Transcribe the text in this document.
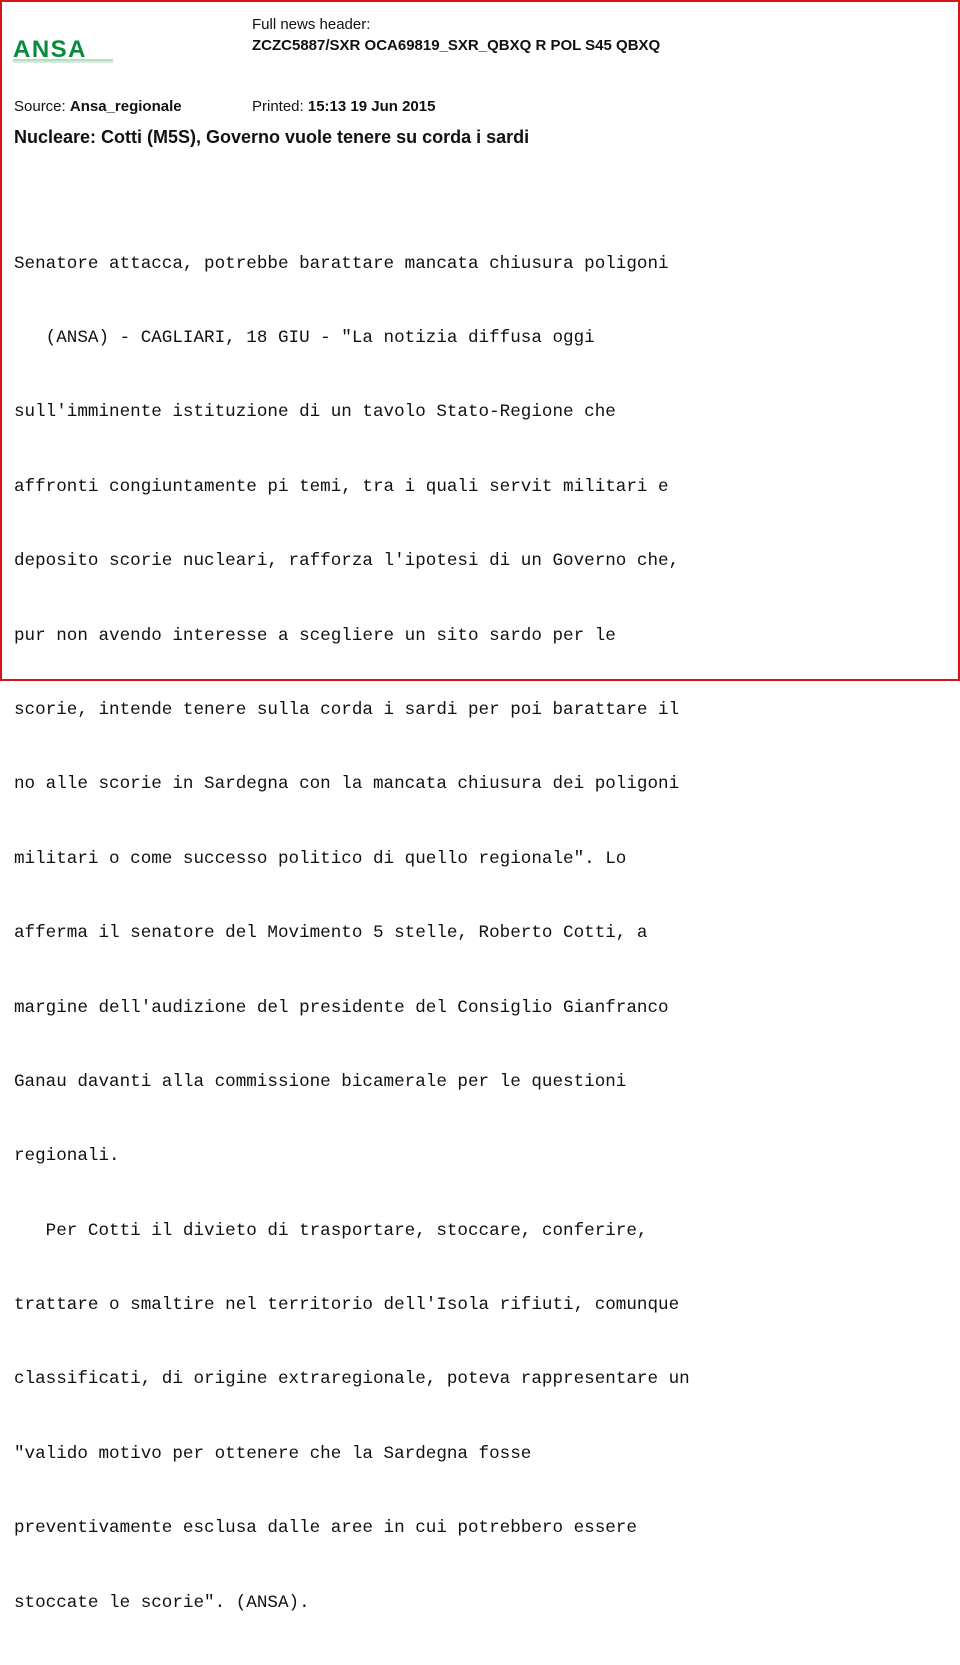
ANSA
Full news header:
ZCZC5887/SXR OCA69819_SXR_QBXQ R POL S45 QBXQ
Source: Ansa_regionale	Printed: 15:13 19 Jun 2015
Nucleare: Cotti (M5S), Governo vuole tenere su corda i sardi

Senatore attacca, potrebbe barattare mancata chiusura poligoni

(ANSA) - CAGLIARI, 18 GIU - "La notizia diffusa oggi

sull'imminente istituzione di un tavolo Stato-Regione che

affronti congiuntamente pi temi, tra i quali servit militari e

deposito scorie nucleari, rafforza l'ipotesi di un Governo che,

pur non avendo interesse a scegliere un sito sardo per le

scorie, intende tenere sulla corda i sardi per poi barattare il

no alle scorie in Sardegna con la mancata chiusura dei poligoni

militari o come successo politico di quello regionale". Lo

afferma il senatore del Movimento 5 stelle, Roberto Cotti, a

margine dell'audizione del presidente del Consiglio Gianfranco

Ganau davanti alla commissione bicamerale per le questioni

regionali.

Per Cotti il divieto di trasportare, stoccare, conferire,

trattare o smaltire nel territorio dell'Isola rifiuti, comunque

classificati, di origine extraregionale, poteva rappresentare un

"valido motivo per ottenere che la Sardegna fosse

preventivamente esclusa dalle aree in cui potrebbero essere

stoccate le scorie". (ANSA).
